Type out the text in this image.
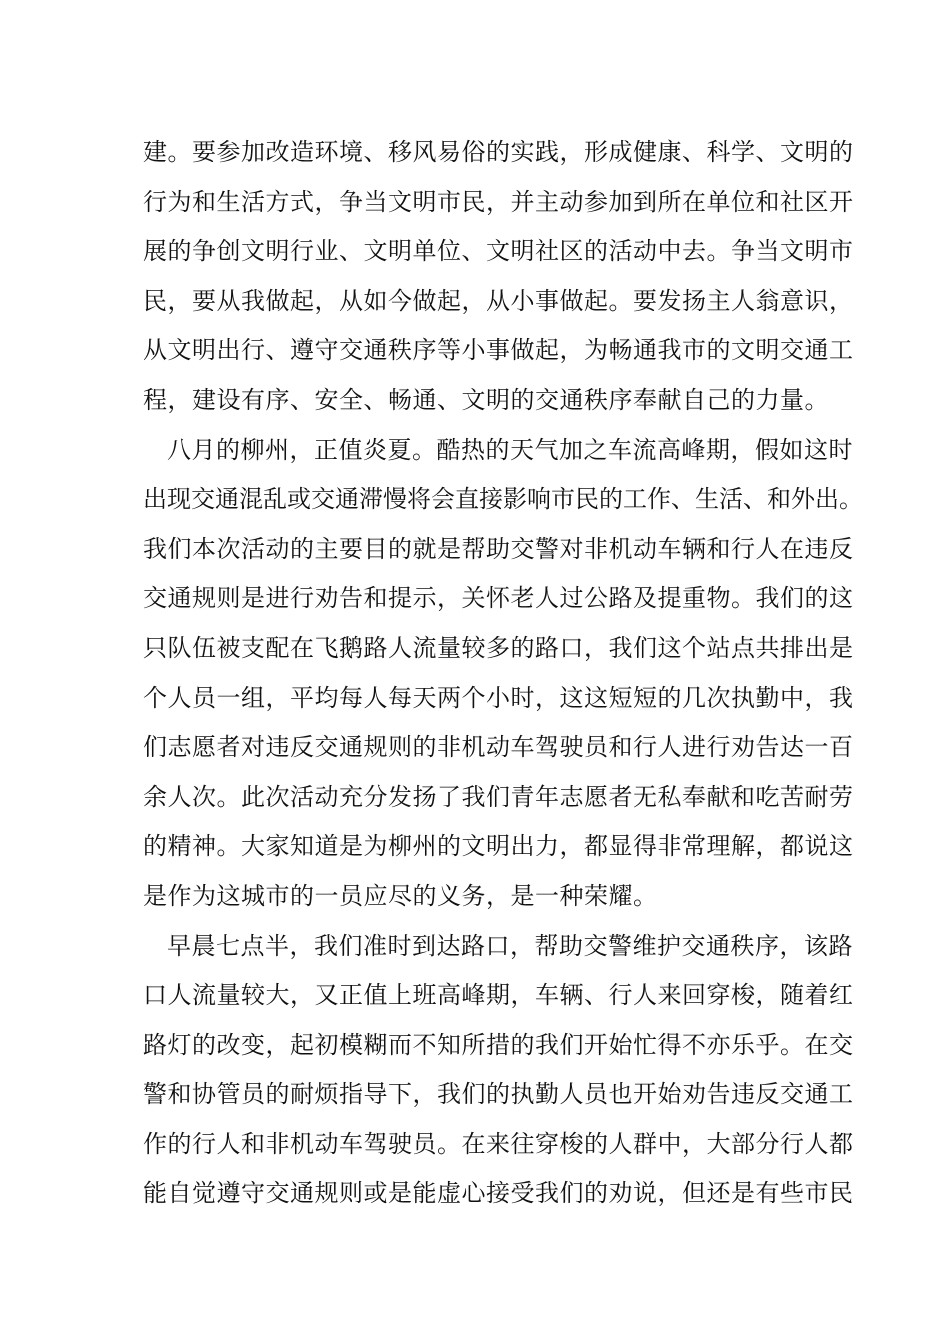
建。要参加改造环境、移风易俗的实践，形成健康、科学、文明的
行为和生活方式，争当文明市民，并主动参加到所在单位和社区开
展的争创文明行业、文明单位、文明社区的活动中去。争当文明市
民，要从我做起，从如今做起，从小事做起。要发扬主人翁意识，
从文明出行、遵守交通秩序等小事做起，为畅通我市的文明交通工
程，建设有序、安全、畅通、文明的交通秩序奉献自己的力量。
八月的柳州，正值炎夏。酷热的天气加之车流高峰期，假如这时
出现交通混乱或交通滞慢将会直接影响市民的工作、生活、和外出。
我们本次活动的主要目的就是帮助交警对非机动车辆和行人在违反
交通规则是进行劝告和提示，关怀老人过公路及提重物。我们的这
只队伍被支配在飞鹅路人流量较多的路口，我们这个站点共排出是
个人员一组，平均每人每天两个小时，这这短短的几次执勤中，我
们志愿者对违反交通规则的非机动车驾驶员和行人进行劝告达一百
余人次。此次活动充分发扬了我们青年志愿者无私奉献和吃苦耐劳
的精神。大家知道是为柳州的文明出力，都显得非常理解，都说这
是作为这城市的一员应尽的义务，是一种荣耀。
早晨七点半，我们准时到达路口，帮助交警维护交通秩序，该路
口人流量较大，又正值上班高峰期，车辆、行人来回穿梭，随着红
路灯的改变，起初模糊而不知所措的我们开始忙得不亦乐乎。在交
警和协管员的耐烦指导下，我们的执勤人员也开始劝告违反交通工
作的行人和非机动车驾驶员。在来往穿梭的人群中，大部分行人都
能自觉遵守交通规则或是能虚心接受我们的劝说，但还是有些市民
